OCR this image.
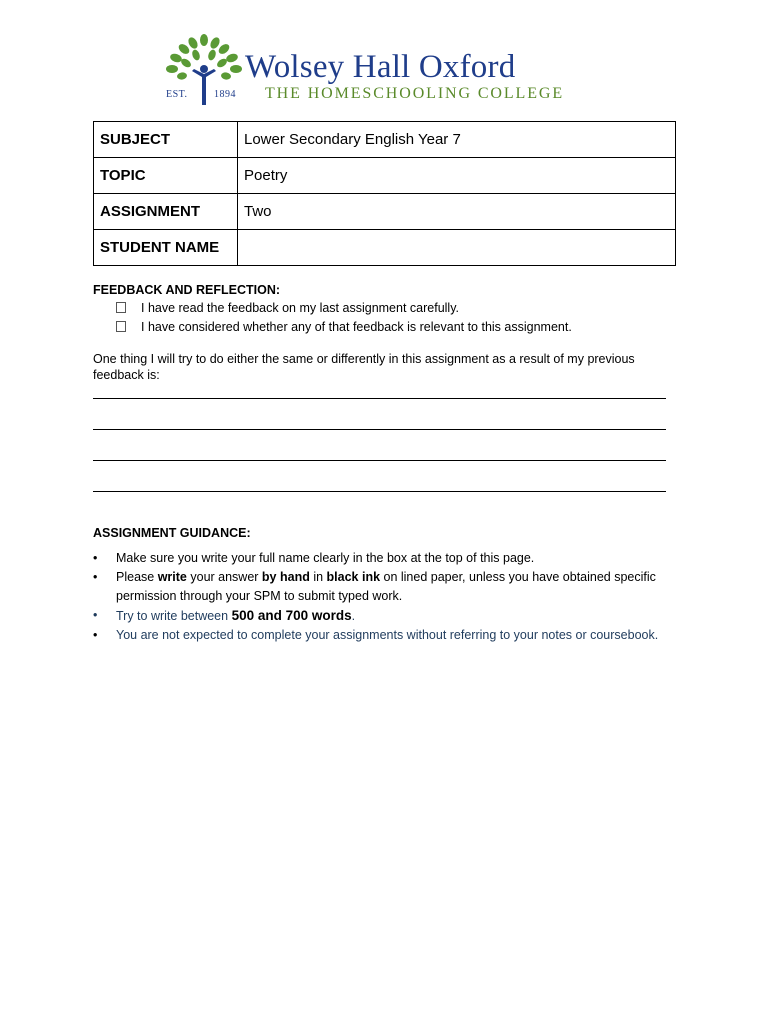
EST.	1894
Wolsey Hall Oxford
THE HOMESCHOOLING COLLEGE
SUBJECT	Lower Secondary English Year 7
TOPIC	Poetry
ASSIGNMENT	Two
STUDENT NAME	
FEEDBACK AND REFLECTION:
I have read the feedback on my last assignment carefully.
I have considered whether any of that feedback is relevant to this assignment.
One thing I will try to do either the same or differently in this assignment as a result of my previous feedback is:
ASSIGNMENT GUIDANCE:
• Make sure you write your full name clearly in the box at the top of this page.
• Please write your answer by hand in black ink on lined paper, unless you have obtained specific permission through your SPM to submit typed work.
• Try to write between 500 and 700 words.
• You are not expected to complete your assignments without referring to your notes or coursebook.
